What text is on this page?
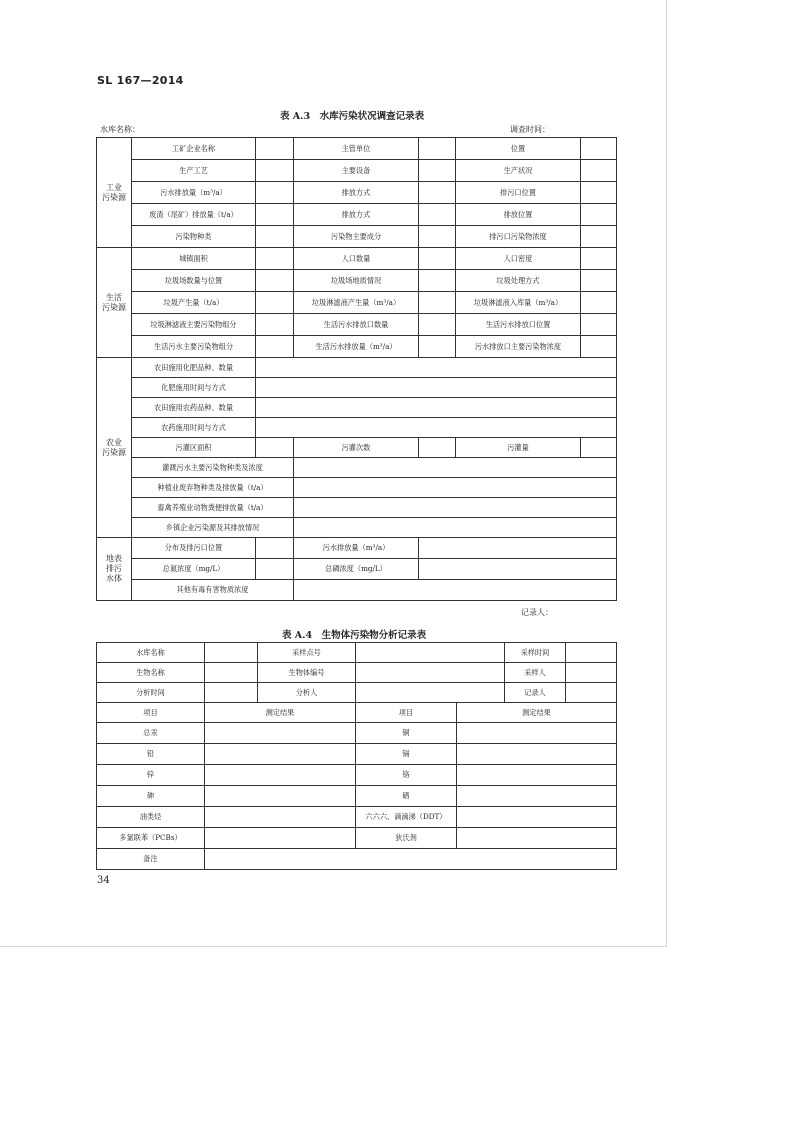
SL 167—2014
表 A.3　水库污染状况调查记录表
水库名称：	调查时间：
工业
污染源	工矿企业名称		主管单位		位置	
	生产工艺		主要设备		生产状况	
	污水排放量（m³/a）		排放方式		排污口位置	
	废渣（尾矿）排放量（t/a）		排放方式		排放位置	
	污染物种类		污染物主要成分		排污口污染物浓度	
生活
污染源	城镇面积		人口数量		人口密度	
	垃圾场数量与位置		垃圾场地质情况		垃圾处理方式	
	垃圾产生量（t/a）		垃圾淋滤液产生量（m³/a）		垃圾淋滤液入库量（m³/a）	
	垃圾淋滤液主要污染物组分		生活污水排放口数量		生活污水排放口位置	
	生活污水主要污染物组分		生活污水排放量（m³/a）		污水排放口主要污染物浓度	
农业
污染源	农田施用化肥品种、数量					
	化肥施用时间与方式					
	农田施用农药品种、数量					
	农药施用时间与方式					
	污灌区面积		污灌次数		污灌量	
	灌溉污水主要污染物种类及浓度					
	种植业废弃物种类及排放量（t/a）					
	畜禽养殖业动物粪便排放量（t/a）					
	乡镇企业污染源及其排放情况					
地表
排污
水体	分布及排污口位置		污水排放量（m³/a）			
	总氮浓度（mg/L）		总磷浓度（mg/L）			
	其他有毒有害物质浓度					
记录人：
表 A.4　生物体污染物分析记录表
水库名称		采样点号			采样时间	
生物名称		生物体编号			采样人	
分析时间		分析人			记录人	
项目	测定结果		项目	测定结果		
总汞			铜			
铅			镉			
锌			铬			
砷			硒			
油类烃			六六六、滴滴涕（DDT）			
多氯联苯（PCBs）			狄氏剂			
备注						
34
